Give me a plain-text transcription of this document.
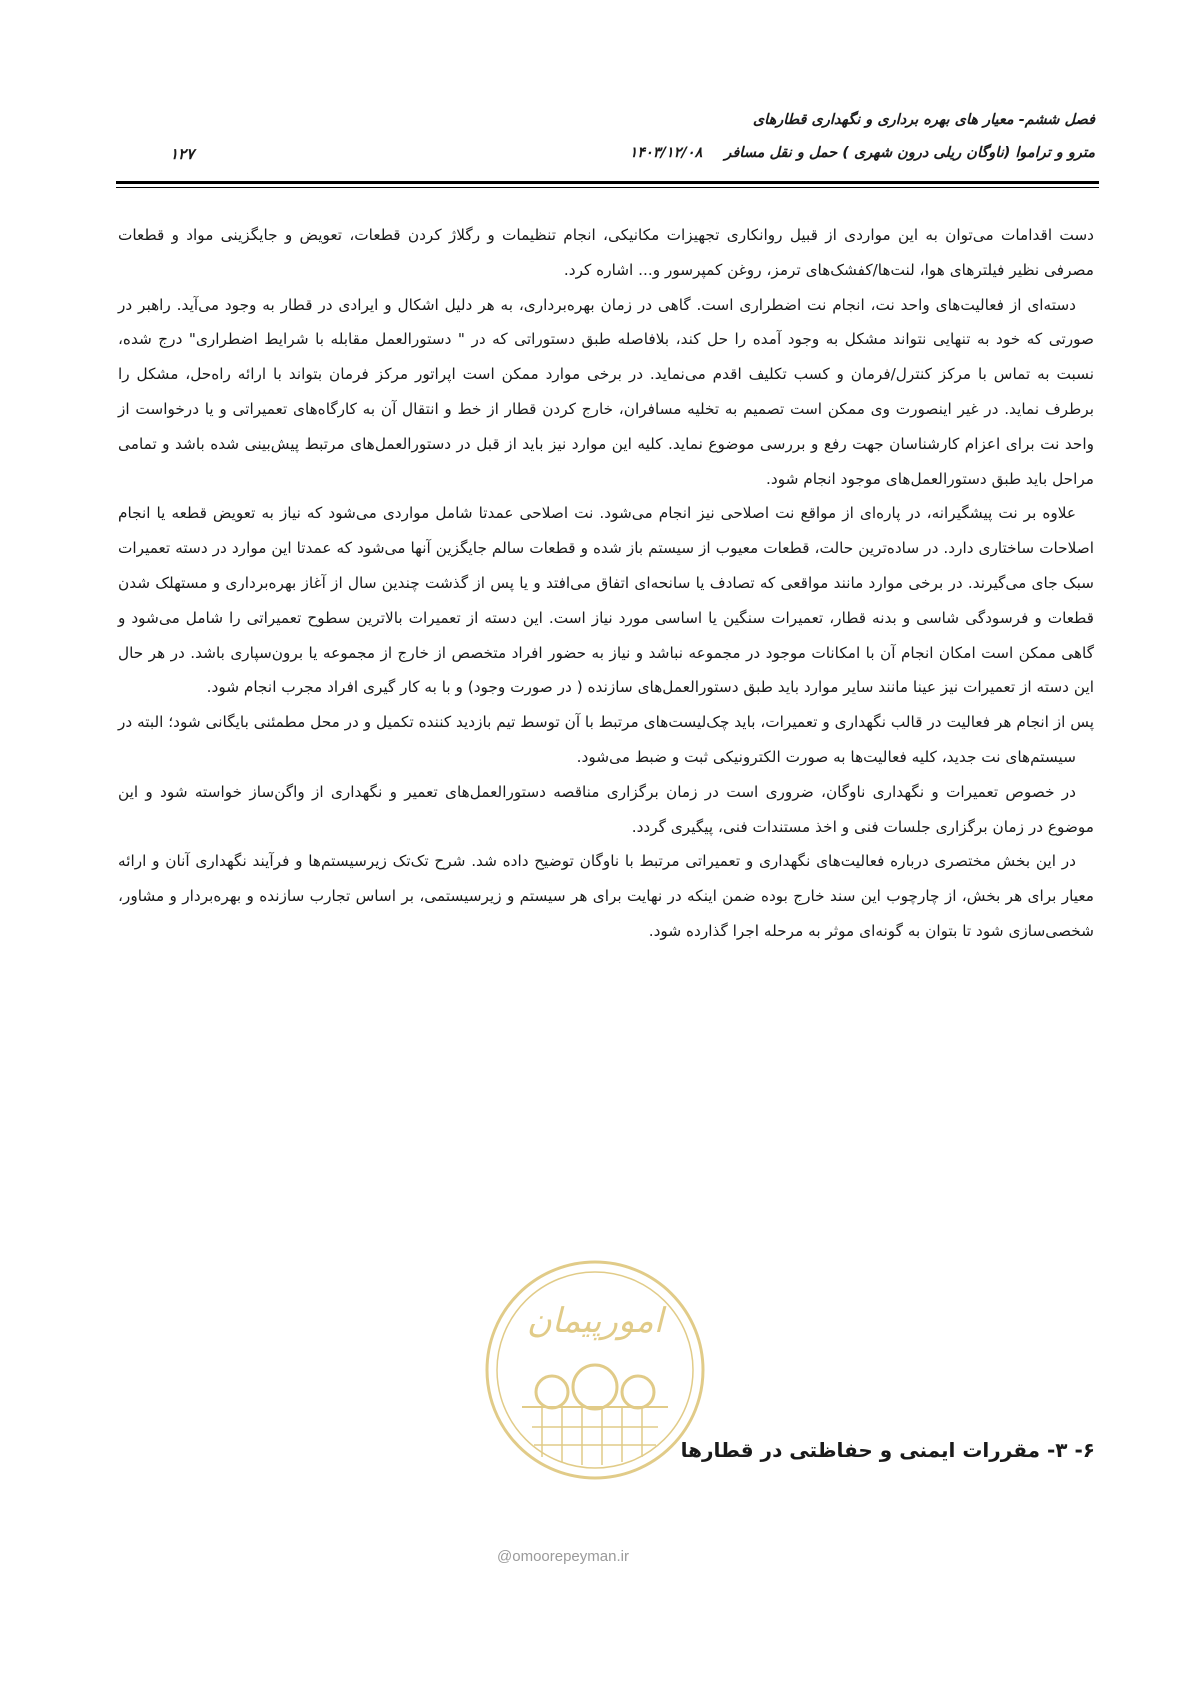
فصل ششم- معیار های بهره برداری و نگهداری قطارهای
مترو و تراموا (ناوگان ریلی درون شهری ) حمل و نقل مسافر۱۴۰۳/۱۲/۰۸
۱۲۷

دست اقدامات می‌توان به این مواردی از قبیل روانکاری تجهیزات مکانیکی، انجام تنظیمات و رگلاژ کردن قطعات، تعویض و جایگزینی مواد و قطعات مصرفی نظیر فیلترهای هوا، لنت‌ها/کفشک‌های ترمز، روغن کمپرسور و... اشاره کرد.

دسته‌ای از فعالیت‌های واحد نت، انجام نت اضطراری است. گاهی در زمان بهره‌برداری، به هر دلیل اشکال و ایرادی در قطار به وجود می‌آید. راهبر در صورتی که خود به تنهایی نتواند مشکل به وجود آمده را حل کند، بلافاصله طبق دستوراتی که در " دستورالعمل مقابله با شرایط اضطراری" درج شده، نسبت به تماس با مرکز کنترل/فرمان و کسب تکلیف اقدم می‌نماید. در برخی موارد ممکن است اپراتور مرکز فرمان بتواند با ارائه راه‌حل، مشکل را برطرف نماید. در غیر اینصورت وی ممکن است تصمیم به تخلیه مسافران، خارج کردن قطار از خط و انتقال آن به کارگاه‌های تعمیراتی و یا درخواست از واحد نت برای اعزام کارشناسان جهت رفع و بررسی موضوع نماید. کلیه این موارد نیز باید از قبل در دستورالعمل‌های مرتبط پیش‌بینی شده باشد و تمامی مراحل باید طبق دستورالعمل‌های موجود انجام شود.

علاوه بر نت پیشگیرانه، در پاره‌ای از مواقع نت اصلاحی نیز انجام می‌شود. نت اصلاحی عمدتا شامل مواردی می‌شود که نیاز به تعویض قطعه یا انجام اصلاحات ساختاری دارد. در ساده‌ترین حالت، قطعات معیوب از سیستم باز شده و قطعات سالم جایگزین آنها می‌شود که عمدتا این موارد در دسته تعمیرات سبک جای می‌گیرند. در برخی موارد مانند مواقعی که تصادف یا سانحه‌ای اتفاق می‌افتد و یا پس از گذشت چندین سال از آغاز بهره‌برداری و مستهلک شدن قطعات و فرسودگی شاسی و بدنه قطار، تعمیرات سنگین یا اساسی مورد نیاز است. این دسته از تعمیرات بالاترین سطوح تعمیراتی را شامل می‌شود و گاهی ممکن است امکان انجام آن با امکانات موجود در مجموعه نباشد و نیاز به حضور افراد متخصص از خارج از مجموعه یا برون‌سپاری باشد. در هر حال این دسته از تعمیرات نیز عینا مانند سایر موارد باید طبق دستورالعمل‌های سازنده ( در صورت وجود) و با به کار گیری افراد مجرب انجام شود.

پس از انجام هر فعالیت در قالب نگهداری و تعمیرات، باید چک‌لیست‌های مرتبط با آن توسط تیم بازدید کننده تکمیل و در محل مطمئنی بایگانی شود؛ البته در سیستم‌های نت جدید، کلیه فعالیت‌ها به صورت الکترونیکی ثبت و ضبط می‌شود.

در خصوص تعمیرات و نگهداری ناوگان، ضروری است در زمان برگزاری مناقصه دستورالعمل‌های تعمیر و نگهداری از واگن‌ساز خواسته شود و این موضوع در زمان برگزاری جلسات فنی و اخذ مستندات فنی، پیگیری گردد.

در این بخش مختصری درباره فعالیت‌های نگهداری و تعمیراتی مرتبط با ناوگان توضیح داده شد. شرح تک‌تک زیرسیستم‌ها و فرآیند نگهداری آنان و ارائه معیار برای هر بخش، از چارچوب این سند خارج بوده ضمن اینکه در نهایت برای هر سیستم و زیرسیستمی، بر اساس تجارب سازنده و بهره‌بردار و مشاور، شخصی‌سازی شود تا بتوان به گونه‌ای موثر به مرحله اجرا گذارده شود.

امورپیمان
۶- ۳- مقررات ایمنی و حفاظتی در قطارها
@omoorepeyman.ir
